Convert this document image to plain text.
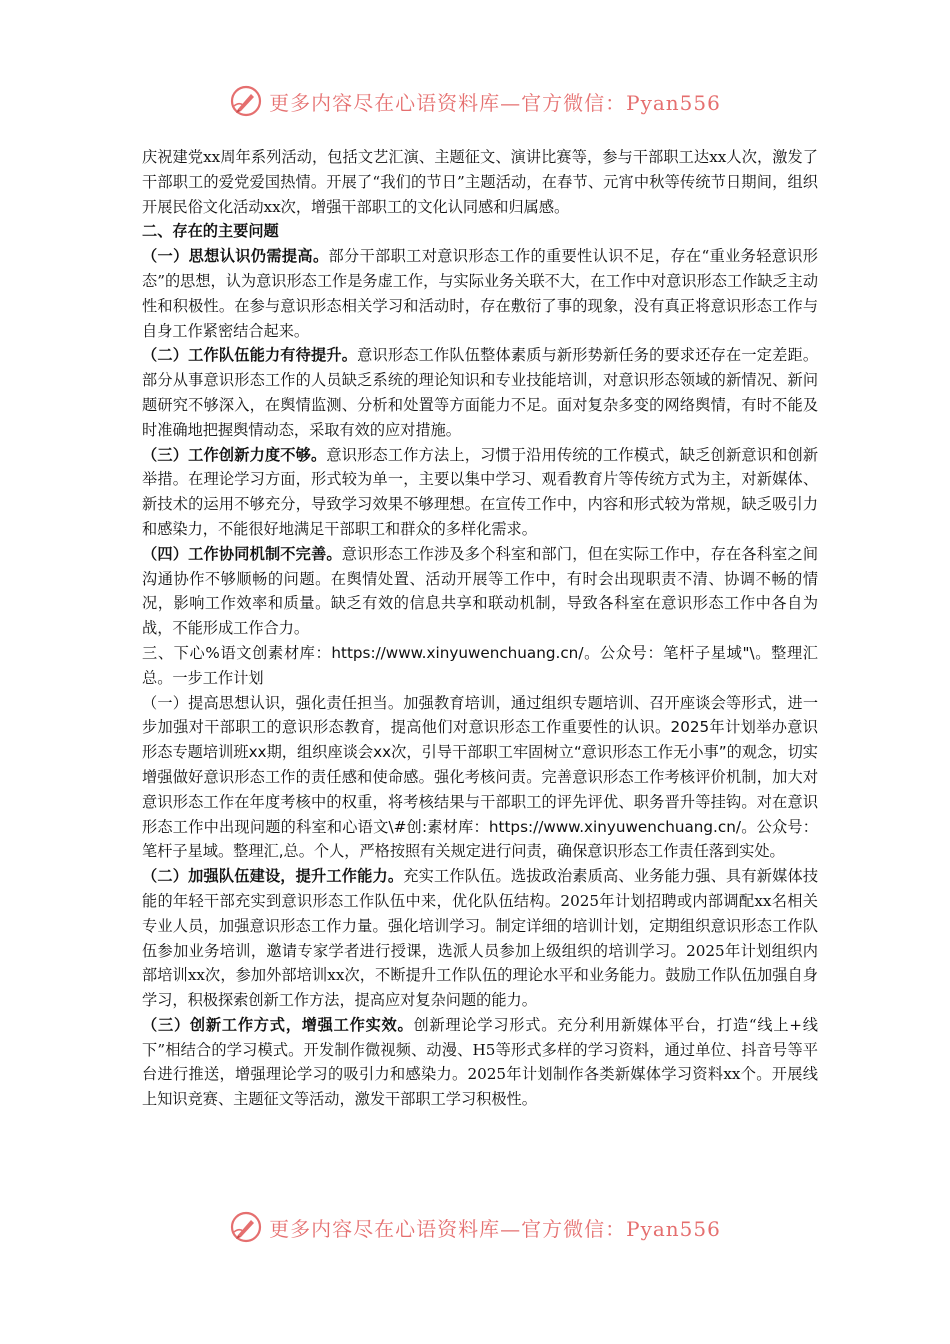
更多内容尽在心语资料库—官方微信：Pyan556

庆祝建党xx周年系列活动，包括文艺汇演、主题征文、演讲比赛等，参与干部职工达xx人次，激发了干部职工的爱党爱国热情。开展了“我们的节日”主题活动，在春节、元宵中秋等传统节日期间，组织开展民俗文化活动xx次，增强干部职工的文化认同感和归属感。

二、存在的主要问题

（一）思想认识仍需提高。部分干部职工对意识形态工作的重要性认识不足，存在“重业务轻意识形态”的思想，认为意识形态工作是务虚工作，与实际业务关联不大，在工作中对意识形态工作缺乏主动性和积极性。在参与意识形态相关学习和活动时，存在敷衍了事的现象，没有真正将意识形态工作与自身工作紧密结合起来。

（二）工作队伍能力有待提升。意识形态工作队伍整体素质与新形势新任务的要求还存在一定差距。部分从事意识形态工作的人员缺乏系统的理论知识和专业技能培训，对意识形态领域的新情况、新问题研究不够深入，在舆情监测、分析和处置等方面能力不足。面对复杂多变的网络舆情，有时不能及时准确地把握舆情动态，采取有效的应对措施。

（三）工作创新力度不够。意识形态工作方法上，习惯于沿用传统的工作模式，缺乏创新意识和创新举措。在理论学习方面，形式较为单一，主要以集中学习、观看教育片等传统方式为主，对新媒体、新技术的运用不够充分，导致学习效果不够理想。在宣传工作中，内容和形式较为常规，缺乏吸引力和感染力，不能很好地满足干部职工和群众的多样化需求。

（四）工作协同机制不完善。意识形态工作涉及多个科室和部门，但在实际工作中，存在各科室之间沟通协作不够顺畅的问题。在舆情处置、活动开展等工作中，有时会出现职责不清、协调不畅的情况，影响工作效率和质量。缺乏有效的信息共享和联动机制，导致各科室在意识形态工作中各自为战，不能形成工作合力。

三、下心%语文创素材库：https://www.xinyuwenchuang.cn/。公众号：笔杆子星域"\。整理汇总。一步工作计划

（一）提高思想认识，强化责任担当。加强教育培训，通过组织专题培训、召开座谈会等形式，进一步加强对干部职工的意识形态教育，提高他们对意识形态工作重要性的认识。2025年计划举办意识形态专题培训班xx期，组织座谈会xx次，引导干部职工牢固树立“意识形态工作无小事”的观念，切实增强做好意识形态工作的责任感和使命感。强化考核问责。完善意识形态工作考核评价机制，加大对意识形态工作在年度考核中的权重，将考核结果与干部职工的评先评优、职务晋升等挂钩。对在意识形态工作中出现问题的科室和心语文\#创:素材库：https://www.xinyuwenchuang.cn/。公众号：笔杆子星域。整理汇,总。个人，严格按照有关规定进行问责，确保意识形态工作责任落到实处。

（二）加强队伍建设，提升工作能力。充实工作队伍。选拔政治素质高、业务能力强、具有新媒体技能的年轻干部充实到意识形态工作队伍中来，优化队伍结构。2025年计划招聘或内部调配xx名相关专业人员，加强意识形态工作力量。强化培训学习。制定详细的培训计划，定期组织意识形态工作队伍参加业务培训，邀请专家学者进行授课，选派人员参加上级组织的培训学习。2025年计划组织内部培训xx次，参加外部培训xx次，不断提升工作队伍的理论水平和业务能力。鼓励工作队伍加强自身学习，积极探索创新工作方法，提高应对复杂问题的能力。

（三）创新工作方式，增强工作实效。创新理论学习形式。充分利用新媒体平台，打造“线上+线下”相结合的学习模式。开发制作微视频、动漫、H5等形式多样的学习资料，通过单位、抖音号等平台进行推送，增强理论学习的吸引力和感染力。2025年计划制作各类新媒体学习资料xx个。开展线上知识竞赛、主题征文等活动，激发干部职工学习积极性。

更多内容尽在心语资料库—官方微信：Pyan556
